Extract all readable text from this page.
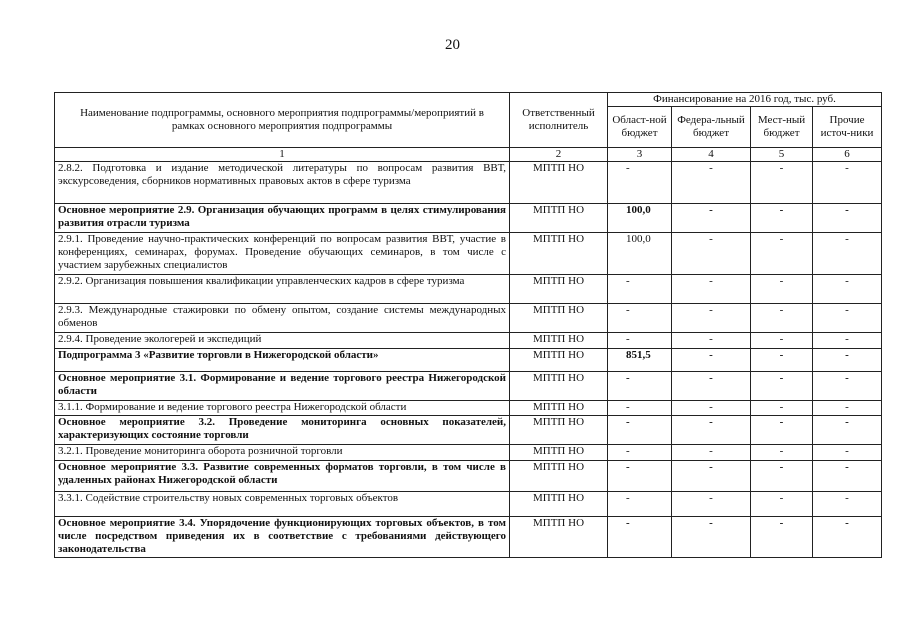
20
Наименование подпрограммы, основного мероприятия подпрограммы/мероприятий в рамках основного мероприятия подпрограммы	Ответственный исполнитель	Финансирование на 2016 год, тыс. руб.			
		Област-ной бюджет	Федера-льный бюджет	Мест-ный бюджет	Прочие источ-ники
1	2	3	4	5	6
2.8.2. Подготовка и издание методической литературы по вопросам развития ВВТ, экскурсоведения, сборников нормативных правовых актов в сфере туризма	МПТП НО	-	-	-	-
Основное мероприятие 2.9. Организация обучающих программ в целях стимулирования развития отрасли туризма	МПТП НО	100,0	-	-	-
2.9.1. Проведение научно-практических конференций по вопросам развития ВВТ, участие в конференциях, семинарах, форумах. Проведение обучающих семинаров, в том числе с участием зарубежных специалистов	МПТП НО	100,0	-	-	-
2.9.2. Организация повышения квалификации управленческих кадров в сфере туризма	МПТП НО	-	-	-	-
2.9.3. Международные стажировки по обмену опытом, создание системы международных обменов	МПТП НО	-	-	-	-
2.9.4. Проведение экологерей и экспедиций	МПТП НО	-	-	-	-
Подпрограмма 3 «Развитие торговли в Нижегородской области»	МПТП НО	851,5	-	-	-
Основное мероприятие 3.1. Формирование и ведение торгового реестра Нижегородской области	МПТП НО	-	-	-	-
3.1.1. Формирование и ведение торгового реестра Нижегородской области	МПТП НО	-	-	-	-
Основное мероприятие 3.2. Проведение мониторинга основных показателей, характеризующих состояние торговли	МПТП НО	-	-	-	-
3.2.1. Проведение мониторинга оборота розничной торговли	МПТП НО	-	-	-	-
Основное мероприятие 3.3. Развитие современных форматов торговли, в том числе в удаленных районах Нижегородской области	МПТП НО	-	-	-	-
3.3.1. Содействие строительству новых современных торговых объектов	МПТП НО	-	-	-	-
Основное мероприятие 3.4. Упорядочение функционирующих торговых объектов, в том числе посредством приведения их в соответствие с требованиями действующего законодательства	МПТП НО	-	-	-	-
